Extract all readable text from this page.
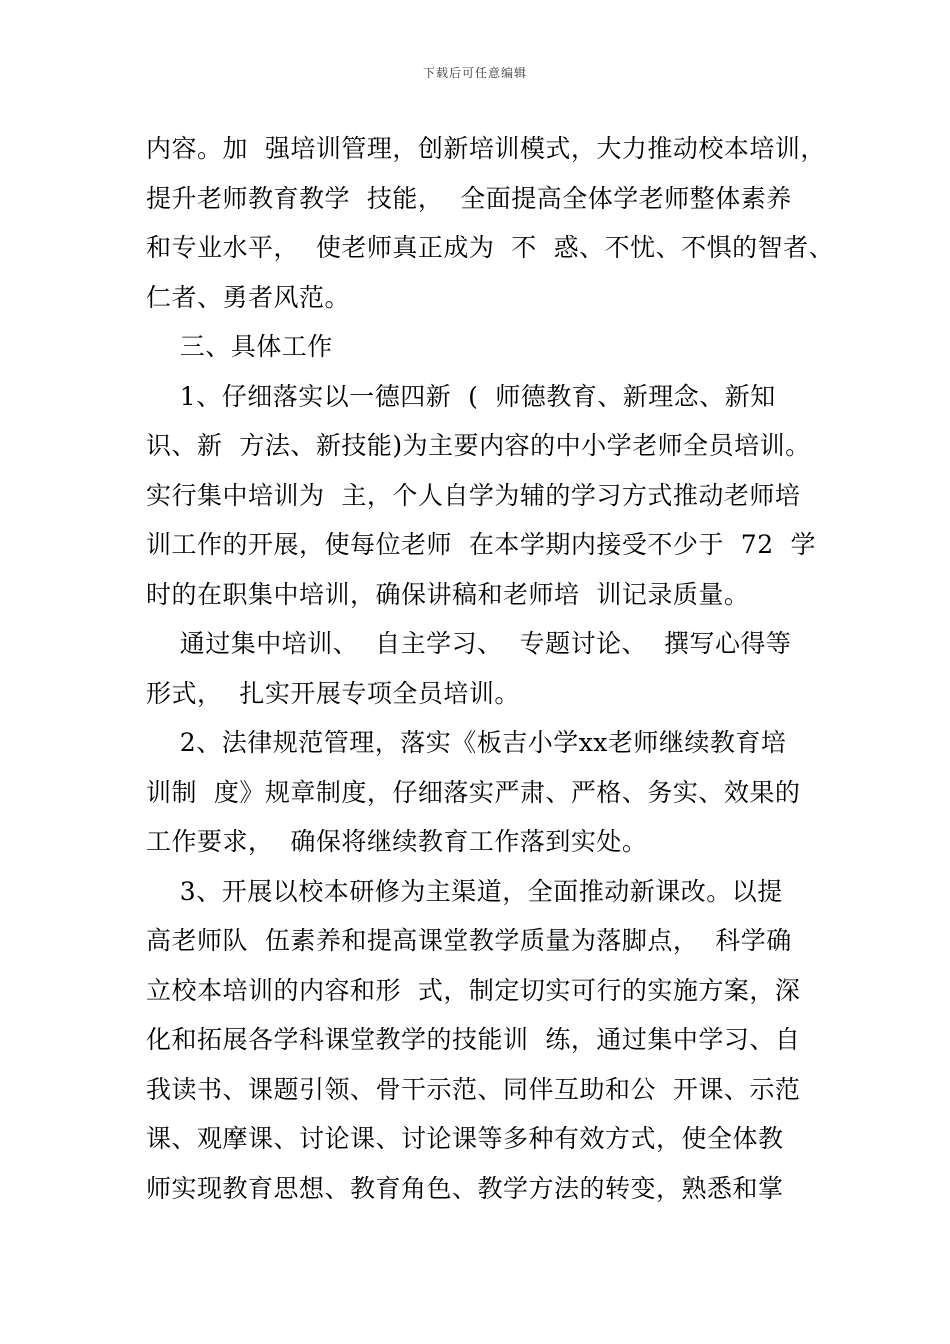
下载后可任意编辑
内容。加  强培训管理，创新培训模式，大力推动校本培训，
提升老师教育教学  技能，  全面提高全体学老师整体素养
和专业水平，  使老师真正成为  不  惑、不忧、不惧的智者、
仁者、勇者风范。
三、具体工作
1、仔细落实以一德四新  (  师德教育、新理念、新知
识、新  方法、新技能)为主要内容的中小学老师全员培训。
实行集中培训为  主，个人自学为辅的学习方式推动老师培
训工作的开展，使每位老师  在本学期内接受不少于  72  学
时的在职集中培训，确保讲稿和老师培  训记录质量。
通过集中培训、  自主学习、  专题讨论、  撰写心得等
形式，  扎实开展专项全员培训。
2、法律规范管理，落实《板吉小学xx老师继续教育培
训制  度》规章制度，仔细落实严肃、严格、务实、效果的
工作要求，  确保将继续教育工作落到实处。
3、开展以校本研修为主渠道，全面推动新课改。以提
高老师队  伍素养和提高课堂教学质量为落脚点，  科学确
立校本培训的内容和形  式，制定切实可行的实施方案，深
化和拓展各学科课堂教学的技能训  练，通过集中学习、自
我读书、课题引领、骨干示范、同伴互助和公  开课、示范
课、观摩课、讨论课、讨论课等多种有效方式，使全体教
师实现教育思想、教育角色、教学方法的转变，熟悉和掌
